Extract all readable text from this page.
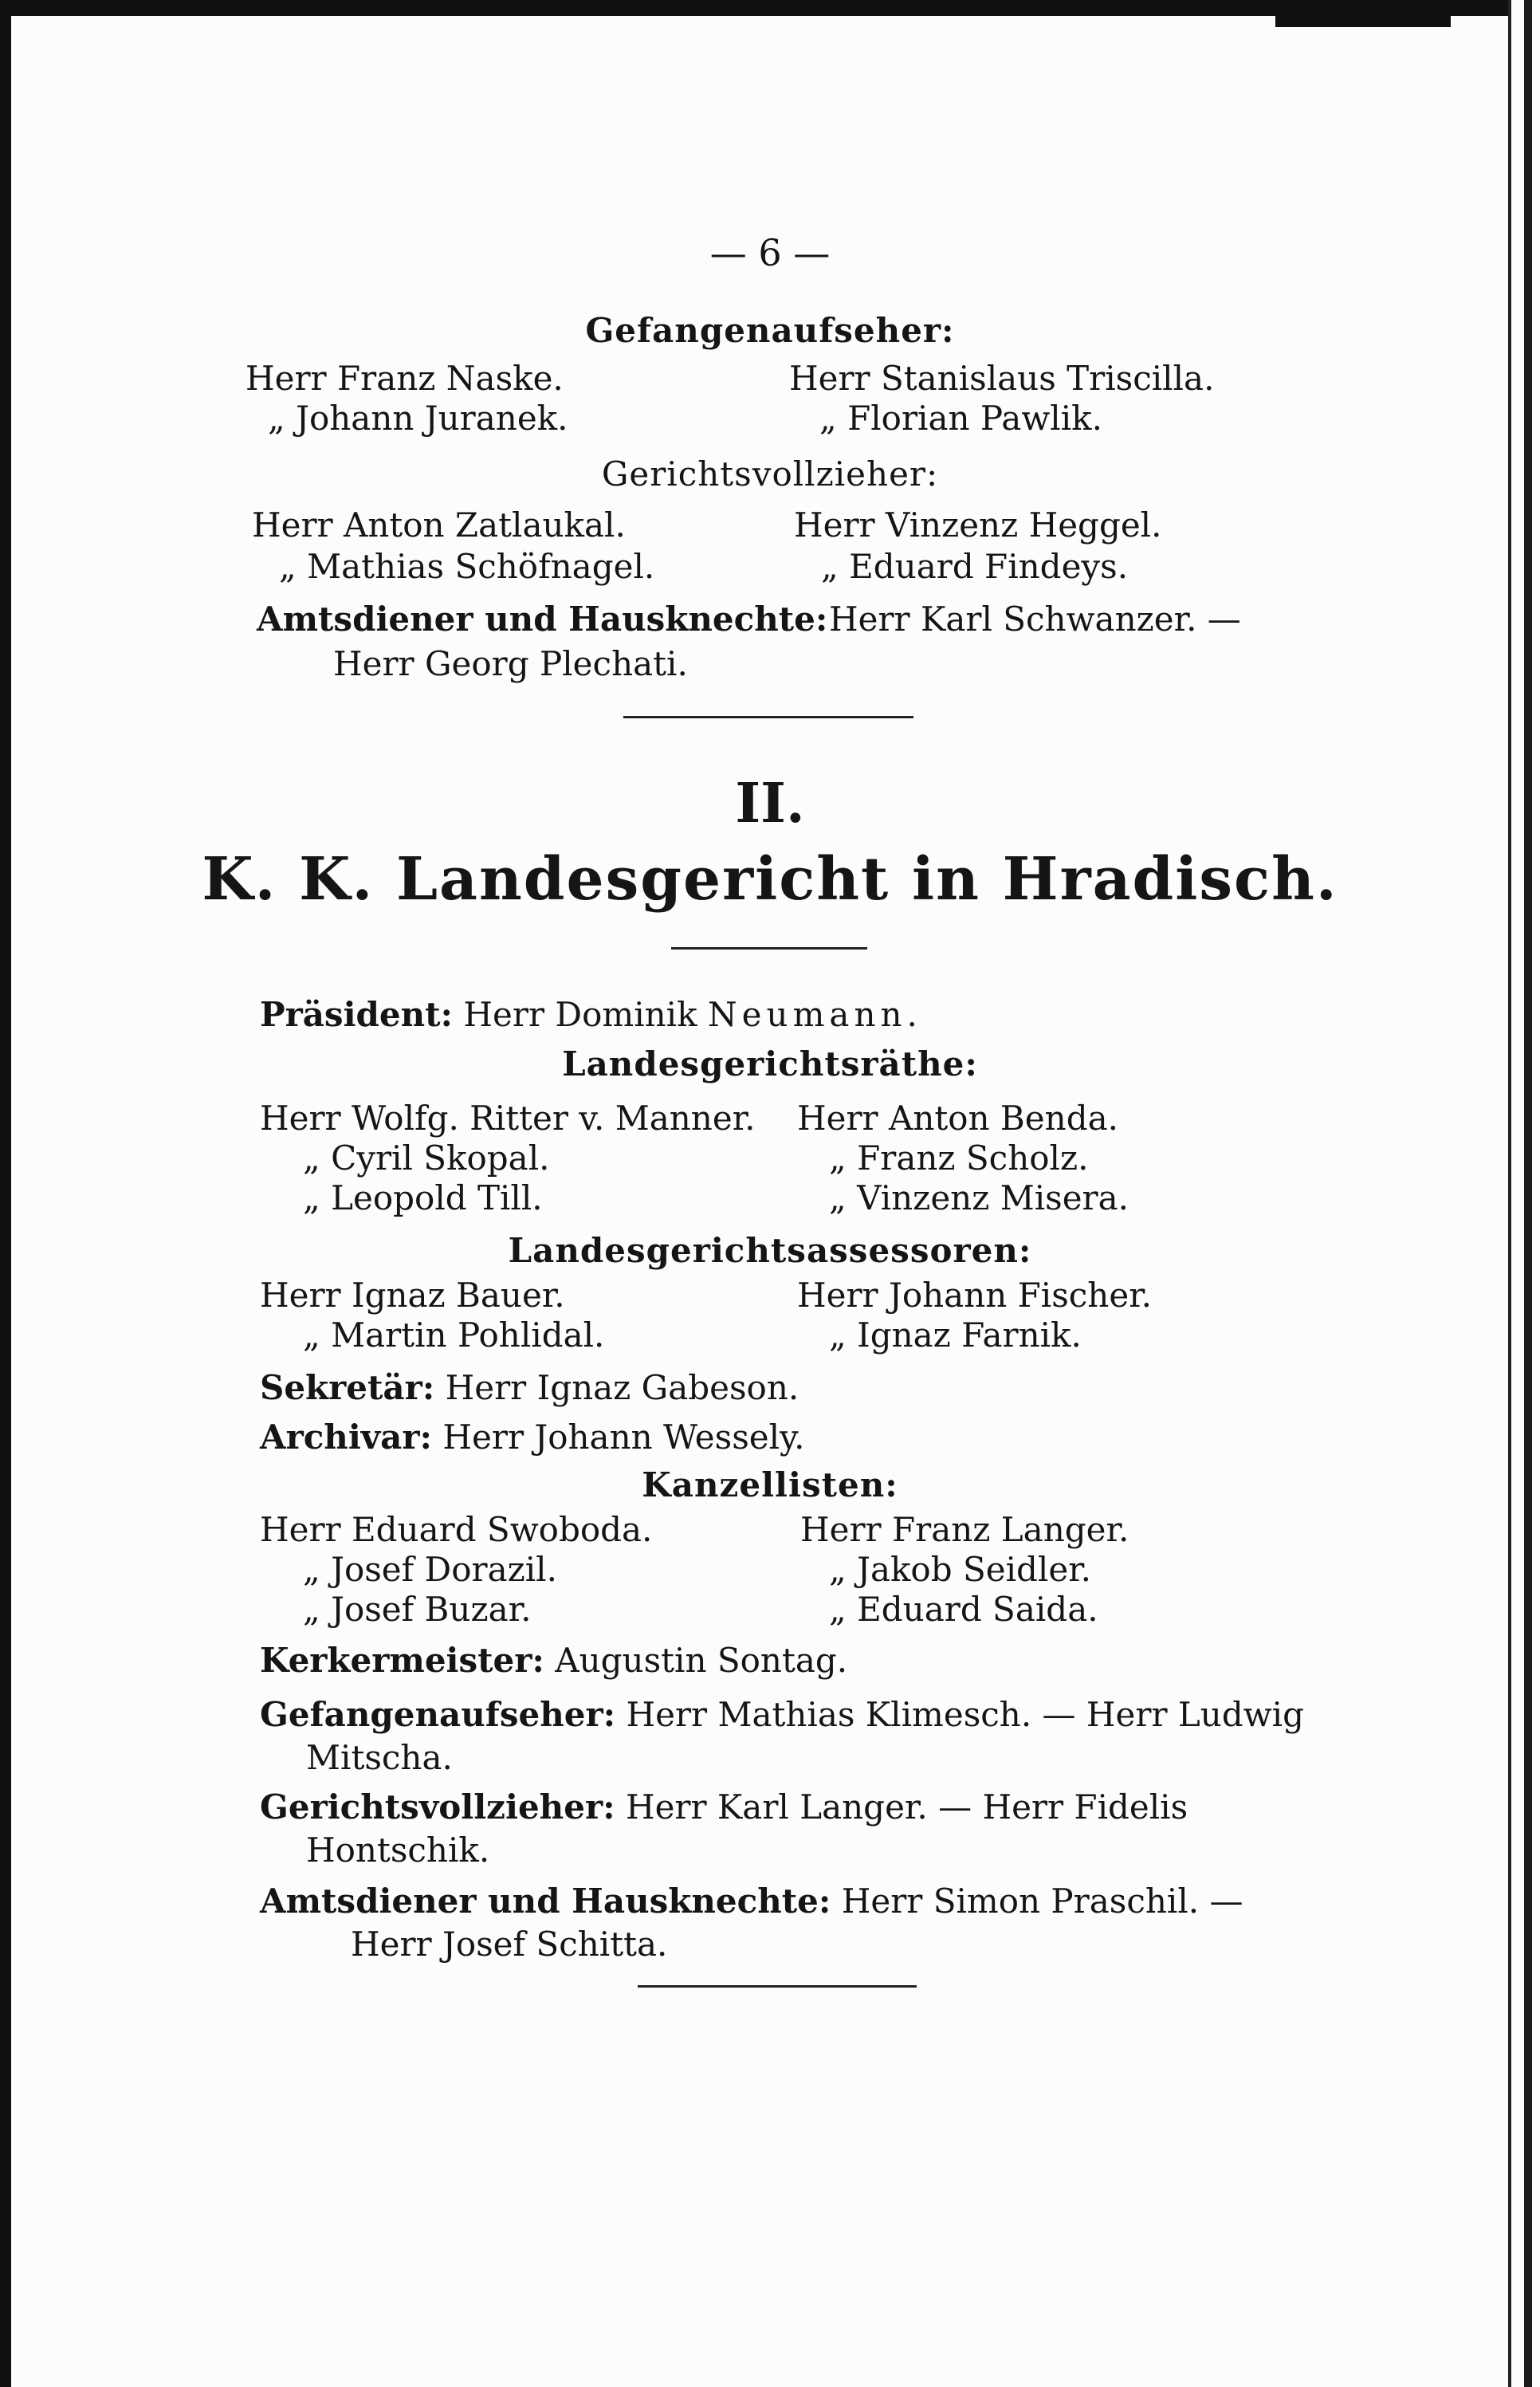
— 6 —
Gefangenaufseher:
Herr Franz Naske.
„ Johann Juranek.
Herr Stanislaus Triscilla.
„ Florian Pawlik.
Gerichtsvollzieher:
Herr Anton Zatlaukal.
„ Mathias Schöfnagel.
Herr Vinzenz Heggel.
„ Eduard Findeys.
Amtsdiener und Hausknechte: Herr Karl Schwanzer. —
Herr Georg Plechati.
II.
K. K. Landesgericht in Hradisch.
Präsident: Herr Dominik Neumann.
Landesgerichtsräthe:
Herr Wolfg. Ritter v. Manner.
„ Cyril Skopal.
„ Leopold Till.
Herr Anton Benda.
„ Franz Scholz.
„ Vinzenz Misera.
Landesgerichtsassessoren:
Herr Ignaz Bauer.
„ Martin Pohlidal.
Herr Johann Fischer.
„ Ignaz Farnik.
Sekretär: Herr Ignaz Gabeson.
Archivar: Herr Johann Wessely.
Kanzellisten:
Herr Eduard Swoboda.
„ Josef Dorazil.
„ Josef Buzar.
Herr Franz Langer.
„ Jakob Seidler.
„ Eduard Saida.
Kerkermeister: Augustin Sontag.
Gefangenaufseher: Herr Mathias Klimesch. — Herr Ludwig
Mitscha.
Gerichtsvollzieher: Herr Karl Langer. — Herr Fidelis
Hontschik.
Amtsdiener und Hausknechte: Herr Simon Praschil. —
Herr Josef Schitta.
